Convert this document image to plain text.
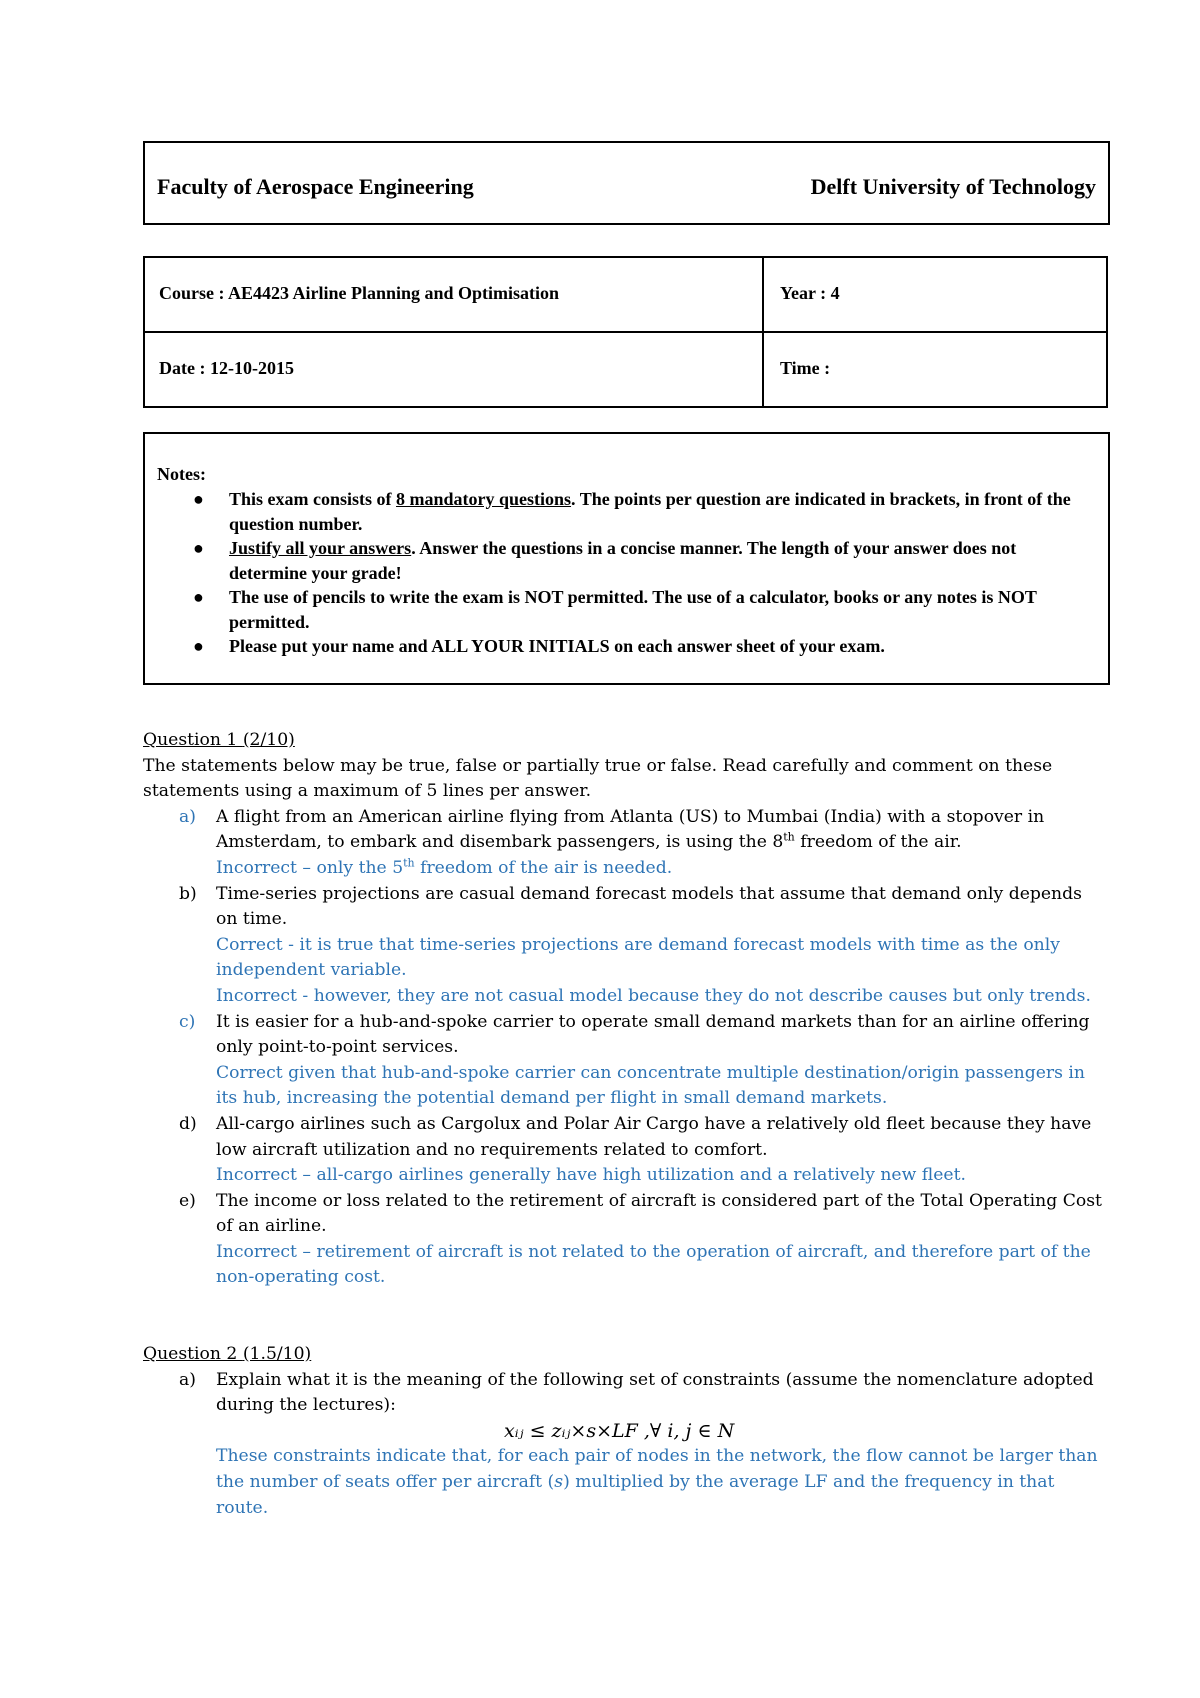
Faculty of Aerospace Engineering	Delft University of Technology
Course : AE4423 Airline Planning and Optimisation	Year : 4
Date : 12-10-2015	Time :
Notes:
● This exam consists of 8 mandatory questions. The points per question are indicated in brackets, in front of the question number.
● Justify all your answers. Answer the questions in a concise manner. The length of your answer does not determine your grade!
● The use of pencils to write the exam is NOT permitted. The use of a calculator, books or any notes is NOT permitted.
● Please put your name and ALL YOUR INITIALS on each answer sheet of your exam.
Question 1 (2/10)
The statements below may be true, false or partially true or false. Read carefully and comment on these statements using a maximum of 5 lines per answer.
a) A flight from an American airline flying from Atlanta (US) to Mumbai (India) with a stopover in Amsterdam, to embark and disembark passengers, is using the 8th freedom of the air.
Incorrect – only the 5th freedom of the air is needed.
b) Time-series projections are casual demand forecast models that assume that demand only depends on time.
Correct - it is true that time-series projections are demand forecast models with time as the only independent variable.
Incorrect - however, they are not casual model because they do not describe causes but only trends.
c) It is easier for a hub-and-spoke carrier to operate small demand markets than for an airline offering only point-to-point services.
Correct given that hub-and-spoke carrier can concentrate multiple destination/origin passengers in its hub, increasing the potential demand per flight in small demand markets.
d) All-cargo airlines such as Cargolux and Polar Air Cargo have a relatively old fleet because they have low aircraft utilization and no requirements related to comfort.
Incorrect – all-cargo airlines generally have high utilization and a relatively new fleet.
e) The income or loss related to the retirement of aircraft is considered part of the Total Operating Cost of an airline.
Incorrect – retirement of aircraft is not related to the operation of aircraft, and therefore part of the non-operating cost.
Question 2 (1.5/10)
a) Explain what it is the meaning of the following set of constraints (assume the nomenclature adopted during the lectures):
xᵢⱼ ≤ zᵢⱼ×s×LF ,∀ i, j ∈ N
These constraints indicate that, for each pair of nodes in the network, the flow cannot be larger than the number of seats offer per aircraft (s) multiplied by the average LF and the frequency in that route.
